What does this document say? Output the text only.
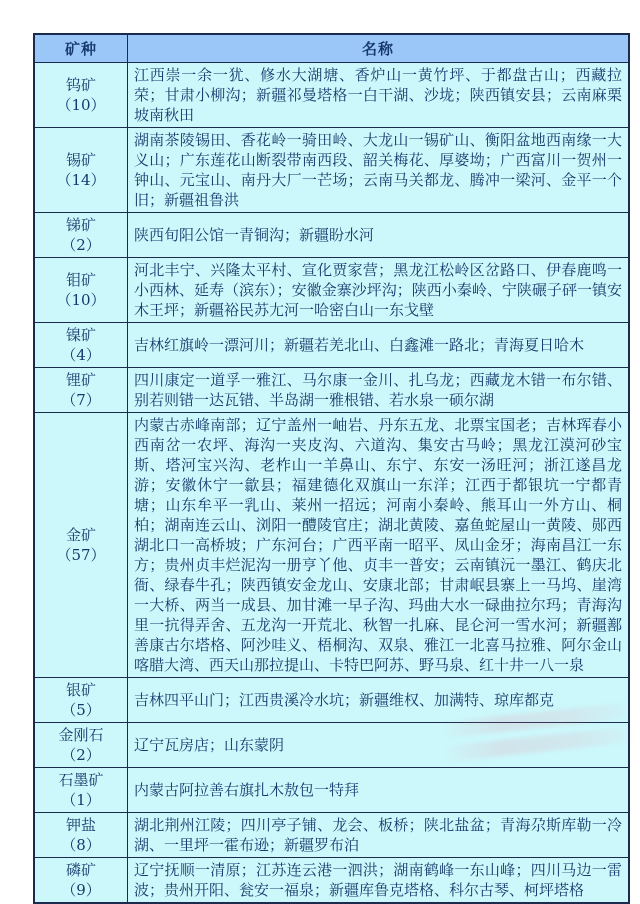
矿种	名称

钨矿
（10）	江西崇一余一犹、修水大湖塘、香炉山一黄竹坪、于都盘古山；西藏拉荣；甘肃小柳沟；新疆祁曼塔格一白干湖、沙垅；陕西镇安县；云南麻栗坡南秋田

锡矿
（14）	湖南茶陵锡田、香花岭一骑田岭、大龙山一锡矿山、衡阳盆地西南缘一大义山；广东莲花山断裂带南西段、韶关梅花、厚婆坳；广西富川一贺州一钟山、元宝山、南丹大厂一芒场；云南马关都龙、腾冲一梁河、金平一个旧；新疆祖鲁洪

锑矿
（2）	陕西旬阳公馆一青铜沟；新疆盼水河

钼矿
（10）	河北丰宁、兴隆太平村、宣化贾家营；黑龙江松岭区岔路口、伊春鹿鸣一小西林、延寿（滨东）；安徽金寨沙坪沟；陕西小秦岭、宁陕碾子砰一镇安木王坪；新疆裕民苏尢河一哈密白山一东戈壁

镍矿
（4）	吉林红旗岭一漂河川；新疆若羌北山、白鑫滩一路北；青海夏日哈木

锂矿
（7）	四川康定一道孚一雅江、马尔康一金川、扎乌龙；西藏龙木错一布尔错、别若则错一达瓦错、半岛湖一雅根错、若水泉一硕尔湖

金矿
（57）	内蒙古赤峰南部；辽宁盖州一岫岩、丹东五龙、北票宝国老；吉林珲春小西南岔一农坪、海沟一夹皮沟、六道沟、集安古马岭；黑龙江漠河砂宝斯、塔河宝兴沟、老柞山一羊鼻山、东宁、东安一汤旺河；浙江遂昌龙游；安徽休宁一歙县；福建德化双旗山一东洋；江西于都银坑一宁都青塘；山东牟平一乳山、莱州一招远；河南小秦岭、熊耳山一外方山、桐柏；湖南连云山、浏阳一醴陵官庄；湖北黄陵、嘉鱼蛇屋山一黄陵、郧西湖北口一高桥坡；广东河台；广西平南一昭平、凤山金牙；海南昌江一东方；贵州贞丰烂泥沟一册亨丫他、贞丰一普安；云南镇沅一墨江、鹤庆北衙、绿春牛孔；陕西镇安金龙山、安康北部；甘肃岷县寨上一马坞、崖湾一大桥、两当一成县、加甘滩一早子沟、玛曲大水一碌曲拉尔玛；青海沟里一抗得弄舍、五龙沟一开荒北、秋智一扎麻、昆仑河一雪水河；新疆鄯善康古尔塔格、阿沙哇义、梧桐沟、双泉、雅江一北喜马拉雅、阿尔金山喀腊大湾、西天山那拉提山、卡特巴阿苏、野马泉、红十井一八一泉

银矿
（5）	吉林四平山门；江西贵溪冷水坑；新疆维权、加满特、琼库都克

金刚石
（2）	辽宁瓦房店；山东蒙阴

石墨矿
（1）	内蒙古阿拉善右旗扎木敖包一特拜

钾盐
（8）	湖北荆州江陵；四川亭子铺、龙会、板桥；陕北盐盆；青海尕斯库勒一冷湖、一里坪一霍布逊；新疆罗布泊

磷矿
（9）	辽宁抚顺一清原；江苏连云港一泗洪；湖南鹤峰一东山峰；四川马边一雷波；贵州开阳、瓮安一福泉；新疆库鲁克塔格、科尔古琴、柯坪塔格
